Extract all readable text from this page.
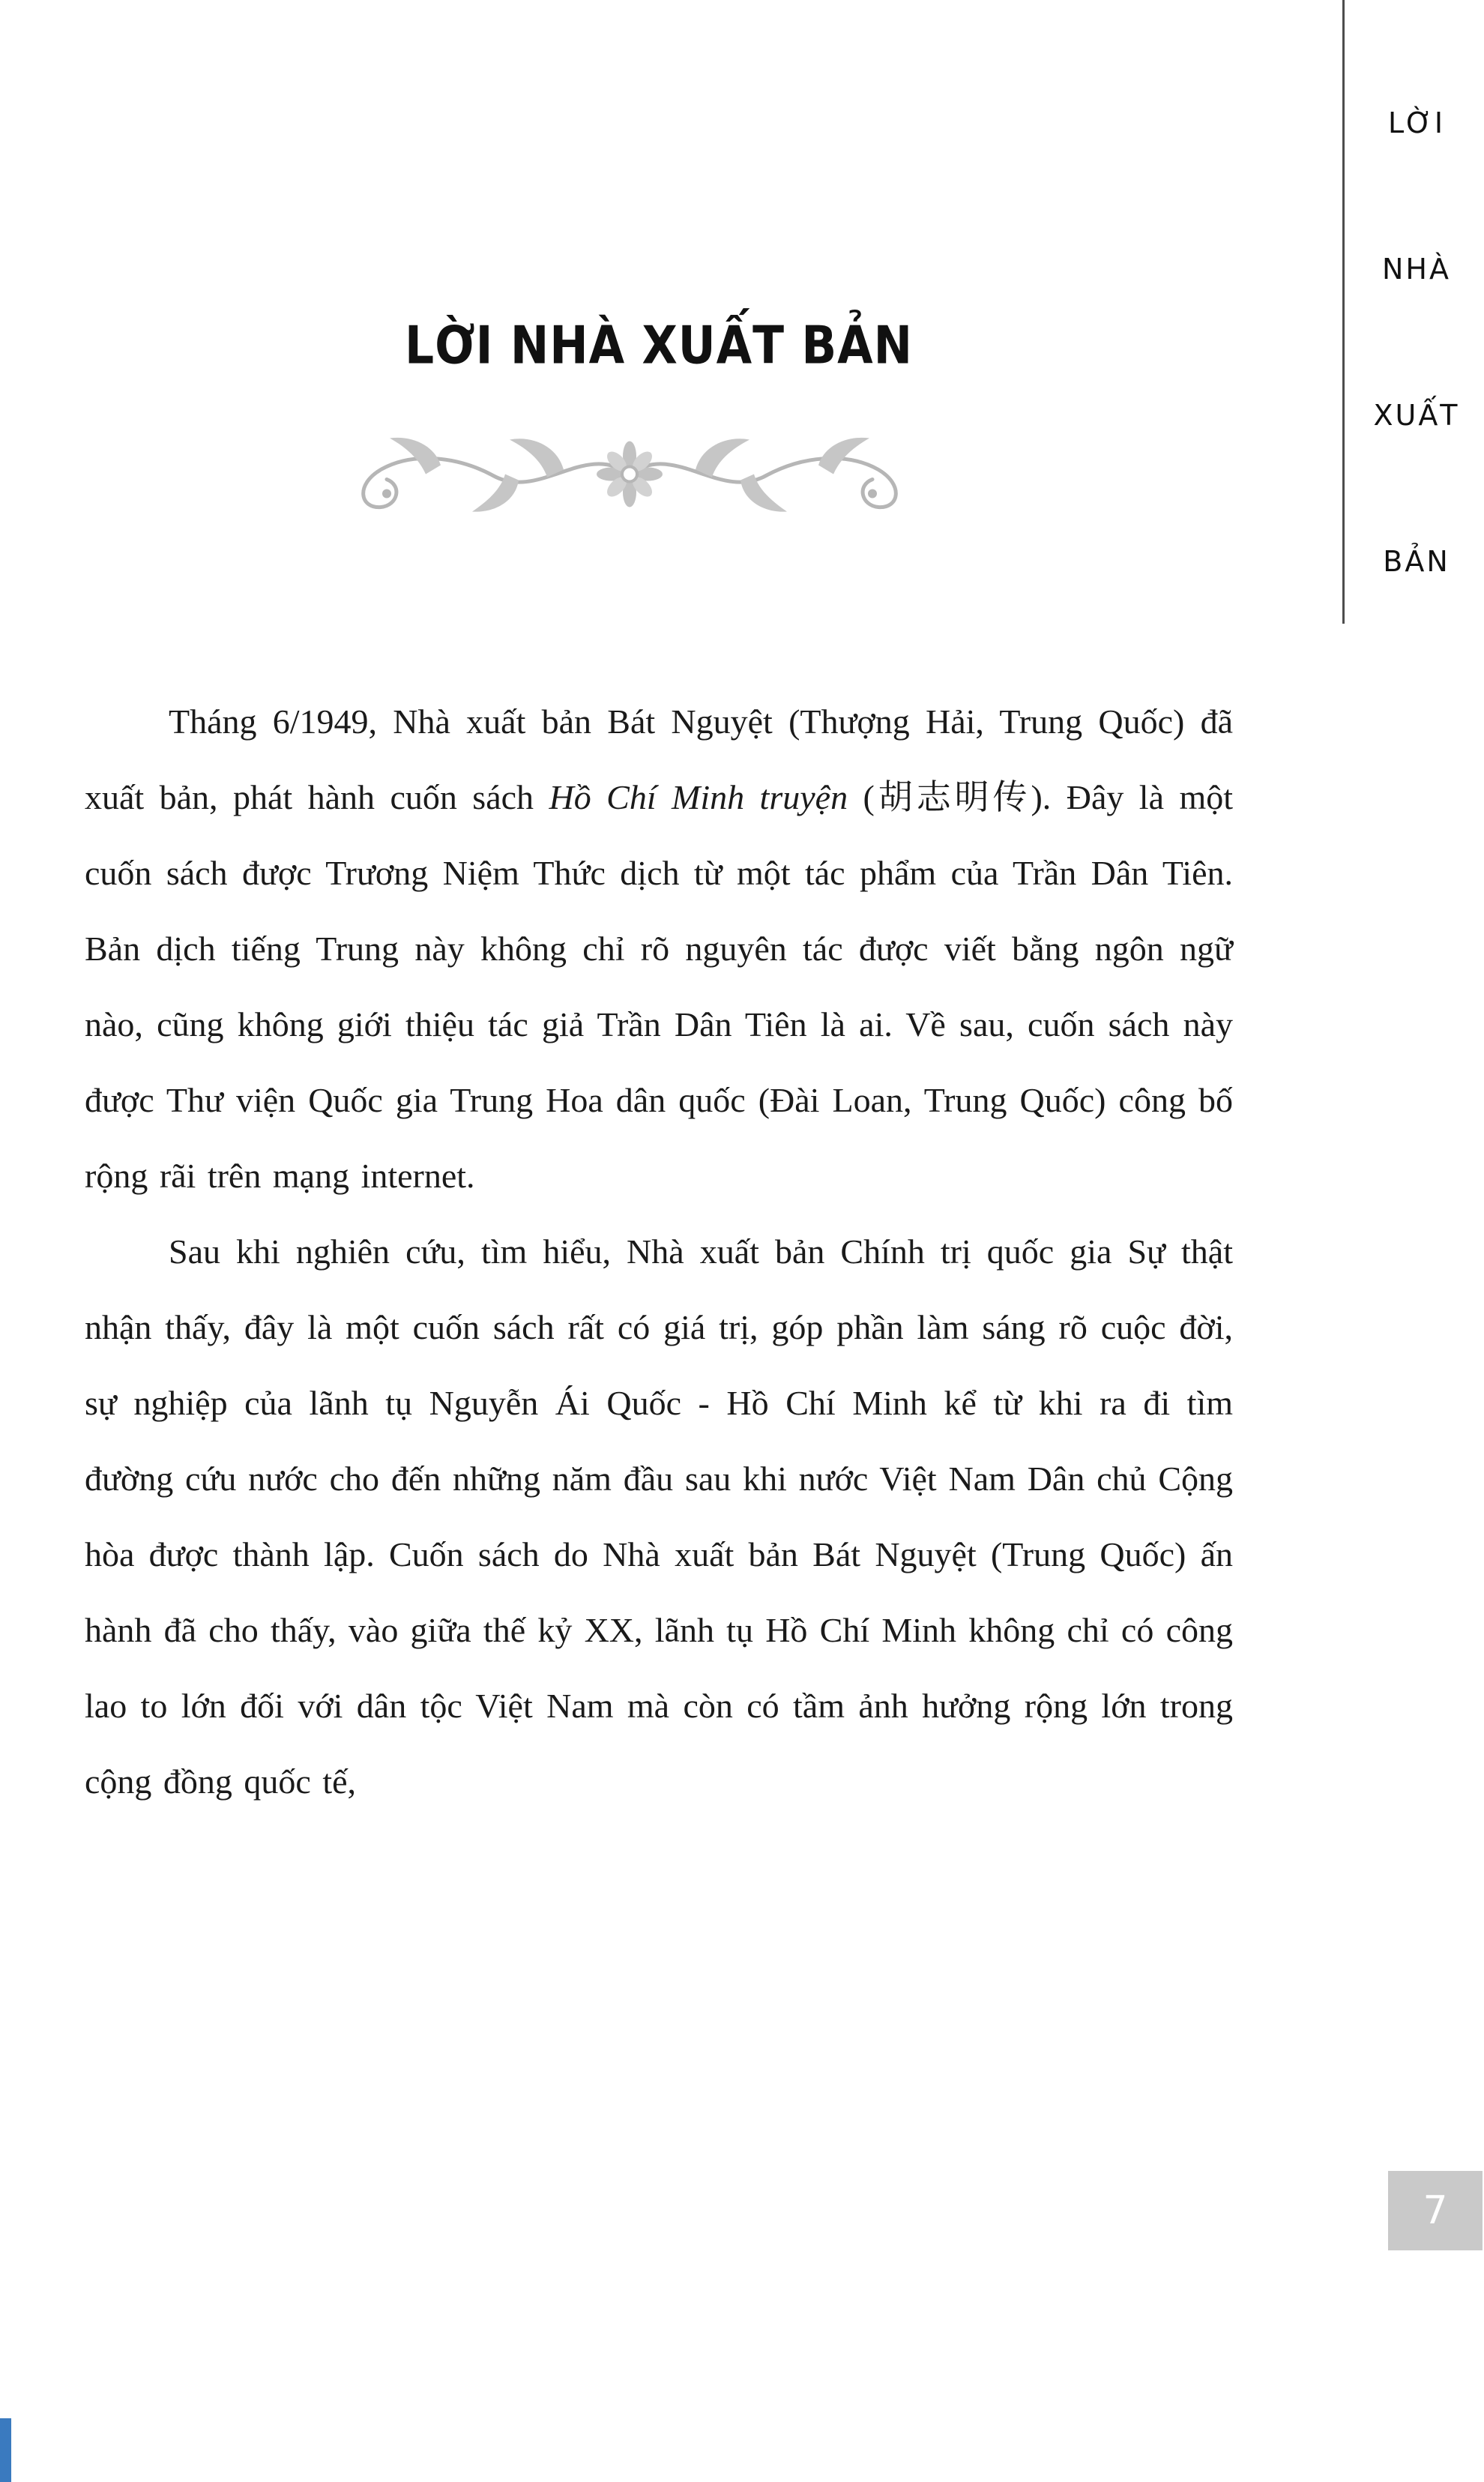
LỜI
NHÀ
XUẤT
BẢN
LỜI NHÀ XUẤT BẢN

Tháng 6/1949, Nhà xuất bản Bát Nguyệt (Thượng Hải, Trung Quốc) đã xuất bản, phát hành cuốn sách Hồ Chí Minh truyện (胡志明传). Đây là một cuốn sách được Trương Niệm Thức dịch từ một tác phẩm của Trần Dân Tiên. Bản dịch tiếng Trung này không chỉ rõ nguyên tác được viết bằng ngôn ngữ nào, cũng không giới thiệu tác giả Trần Dân Tiên là ai. Về sau, cuốn sách này được Thư viện Quốc gia Trung Hoa dân quốc (Đài Loan, Trung Quốc) công bố rộng rãi trên mạng internet.

Sau khi nghiên cứu, tìm hiểu, Nhà xuất bản Chính trị quốc gia Sự thật nhận thấy, đây là một cuốn sách rất có giá trị, góp phần làm sáng rõ cuộc đời, sự nghiệp của lãnh tụ Nguyễn Ái Quốc - Hồ Chí Minh kể từ khi ra đi tìm đường cứu nước cho đến những năm đầu sau khi nước Việt Nam Dân chủ Cộng hòa được thành lập. Cuốn sách do Nhà xuất bản Bát Nguyệt (Trung Quốc) ấn hành đã cho thấy, vào giữa thế kỷ XX, lãnh tụ Hồ Chí Minh không chỉ có công lao to lớn đối với dân tộc Việt Nam mà còn có tầm ảnh hưởng rộng lớn trong cộng đồng quốc tế,

7
